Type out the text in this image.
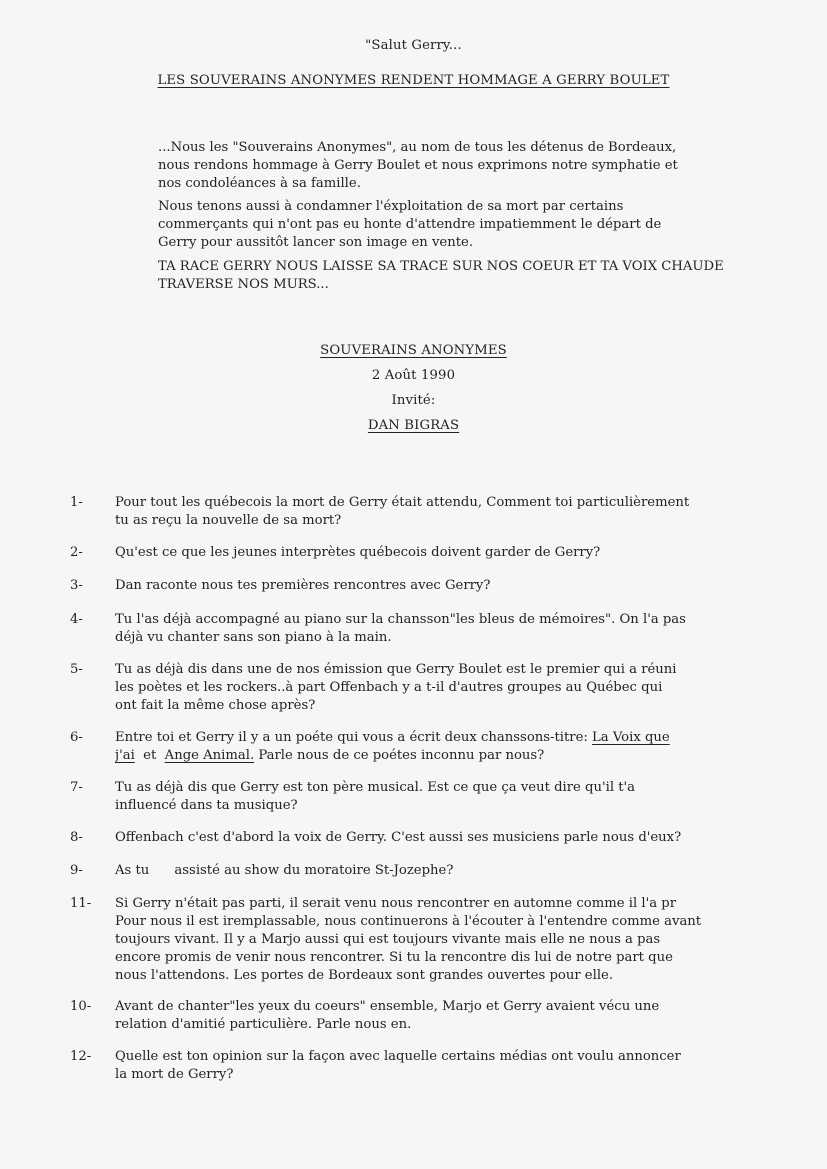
"Salut Gerry...
LES SOUVERAINS ANONYMES RENDENT HOMMAGE A GERRY BOULET
...Nous les "Souverains Anonymes", au nom de tous les détenus de Bordeaux,
nous rendons hommage à Gerry Boulet et nous exprimons notre symphatie et
nos condoléances à sa famille.
Nous tenons aussi à condamner l'éxploitation de sa mort par certains
commerçants qui n'ont pas eu honte d'attendre impatiemment le départ de
Gerry pour aussitôt lancer son image en vente.
TA RACE GERRY NOUS LAISSE SA TRACE SUR NOS COEUR ET TA VOIX CHAUDE
TRAVERSE NOS MURS...
SOUVERAINS ANONYMES
2 Août 1990
Invité:
DAN BIGRAS
1- Pour tout les québecois la mort de Gerry était attendu, Comment toi particulièrement
tu as reçu la nouvelle de sa mort?
2- Qu'est ce que les jeunes interprètes québecois doivent garder de Gerry?
3- Dan raconte nous tes premières rencontres avec Gerry?
4- Tu l'as déjà accompagné au piano sur la chansson"les bleus de mémoires". On l'a pas
déjà vu chanter sans son piano à la main.
5- Tu as déjà dis dans une de nos émission que Gerry Boulet est le premier qui a réuni
les poètes et les rockers..à part Offenbach y a t-il d'autres groupes au Québec qui
ont fait la même chose après?
6- Entre toi et Gerry il y a un poéte qui vous a écrit deux chanssons-titre: La Voix que
j'ai  et  Ange Animal. Parle nous de ce poétes inconnu par nous?
7- Tu as déjà dis que Gerry est ton père musical. Est ce que ça veut dire qu'il t'a
influencé dans ta musique?
8- Offenbach c'est d'abord la voix de Gerry. C'est aussi ses musiciens parle nous d'eux?
9- As tu      assisté au show du moratoire St-Jozephe?
11- Si Gerry n'était pas parti, il serait venu nous rencontrer en automne comme il l'a pr
Pour nous il est iremplassable, nous continuerons à l'écouter à l'entendre comme avant
toujours vivant. Il y a Marjo aussi qui est toujours vivante mais elle ne nous a pas
encore promis de venir nous rencontrer. Si tu la rencontre dis lui de notre part que
nous l'attendons. Les portes de Bordeaux sont grandes ouvertes pour elle.
10- Avant de chanter"les yeux du coeurs" ensemble, Marjo et Gerry avaient vécu une
relation d'amitié particulière. Parle nous en.
12- Quelle est ton opinion sur la façon avec laquelle certains médias ont voulu annoncer
la mort de Gerry?
